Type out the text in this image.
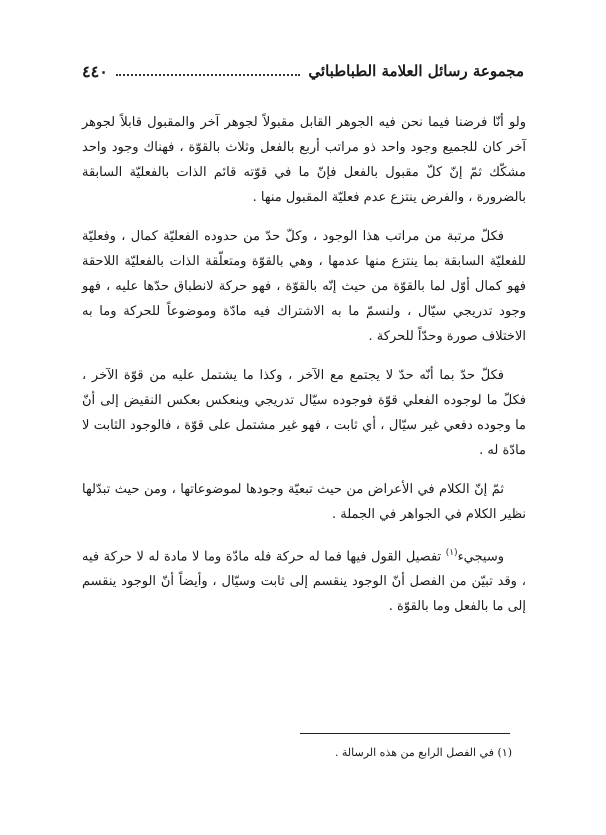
٤٤٠	مجموعة رسائل العلامة الطباطبائي

ولو أنّا فرضنا فيما نحن فيه الجوهر القابل مقبولاً لجوهر آخر والمقبول قابلاً لجوهر آخر كان للجميع وجود واحد ذو مراتب أربع بالفعل وثلاث بالقوّة ، فهناك وجود واحد مشكّك ثمّ إنّ كلّ مقبول بالفعل فإنّ ما في قوّته قائم الذات بالفعليّة السابقة بالضرورة ، والفرض ينتزع عدم فعليّة المقبول منها .

فكلّ مرتبة من مراتب هذا الوجود ، وكلّ حدّ من حدوده الفعليّة كمال ، وفعليّة للفعليّة السابقة بما ينتزع منها عدمها ، وهي بالقوّة ومتعلّقة الذات بالفعليّة اللاحقة فهو كمال أوّل لما بالقوّة من حيث إنّه بالقوّة ، فهو حركة لانطباق حدّها عليه ، فهو وجود تدريجي سيّال ، ولنسمّ ما به الاشتراك فيه مادّة وموضوعاً للحركة وما به الاختلاف صورة وحدّاً للحركة .

فكلّ حدّ بما أنّه حدّ لا يجتمع مع الآخر ، وكذا ما يشتمل عليه من قوّة الآخر ، فكلّ ما لوجوده الفعلي قوّة فوجوده سيّال تدريجي وينعكس بعكس النقيض إلى أنّ ما وجوده دفعي غير سيّال ، أي ثابت ، فهو غير مشتمل على قوّة ، فالوجود الثابت لا مادّة له .

ثمّ إنّ الكلام في الأعراض من حيث تبعيّة وجودها لموضوعاتها ، ومن حيث تبدّلها نظير الكلام في الجواهر في الجملة .

وسيجيء$^{(١)}$ تفصيل القول فيها فما له حركة فله مادّة وما لا مادة له لا حركة فيه ، وقد تبيّن من الفصل أنّ الوجود ينقسم إلى ثابت وسيّال ، وأيضاً أنّ الوجود ينقسم إلى ما بالفعل وما بالقوّة .

(١) في الفصل الرابع من هذه الرسالة .
